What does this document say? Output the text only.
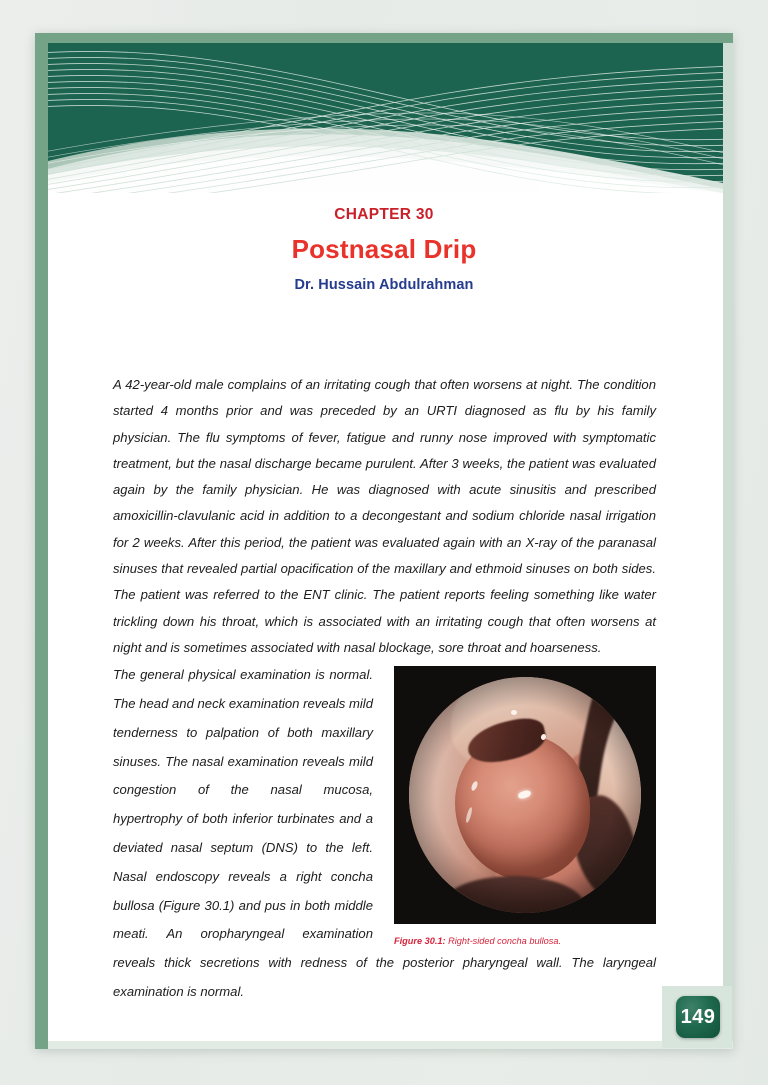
CHAPTER 30
Postnasal Drip
Dr. Hussain Abdulrahman

A 42-year-old male complains of an irritating cough that often worsens at night. The condition started 4 months prior and was preceded by an URTI diagnosed as flu by his family physician. The flu symptoms of fever, fatigue and runny nose improved with symptomatic treatment, but the nasal discharge became purulent. After 3 weeks, the patient was evaluated again by the family physician. He was diagnosed with acute sinusitis and prescribed amoxicillin-clavulanic acid in addition to a decongestant and sodium chloride nasal irrigation for 2 weeks. After this period, the patient was evaluated again with an X-ray of the paranasal sinuses that revealed partial opacification of the maxillary and ethmoid sinuses on both sides. The patient was referred to the ENT clinic. The patient reports feeling something like water trickling down his throat, which is associated with an irritating cough that often worsens at night and is sometimes associated with nasal blockage, sore throat and hoarseness.

Figure 30.1: Right-sided concha bullosa.

The general physical examination is normal. The head and neck examination reveals mild tenderness to palpation of both maxillary sinuses. The nasal examination reveals mild congestion of the nasal mucosa, hypertrophy of both inferior turbinates and a deviated nasal septum (DNS) to the left. Nasal endoscopy reveals a right concha bullosa (Figure 30.1) and pus in both middle meati. An oropharyngeal examination reveals thick secretions with redness of the posterior pharyngeal wall. The laryngeal examination is normal.

149
